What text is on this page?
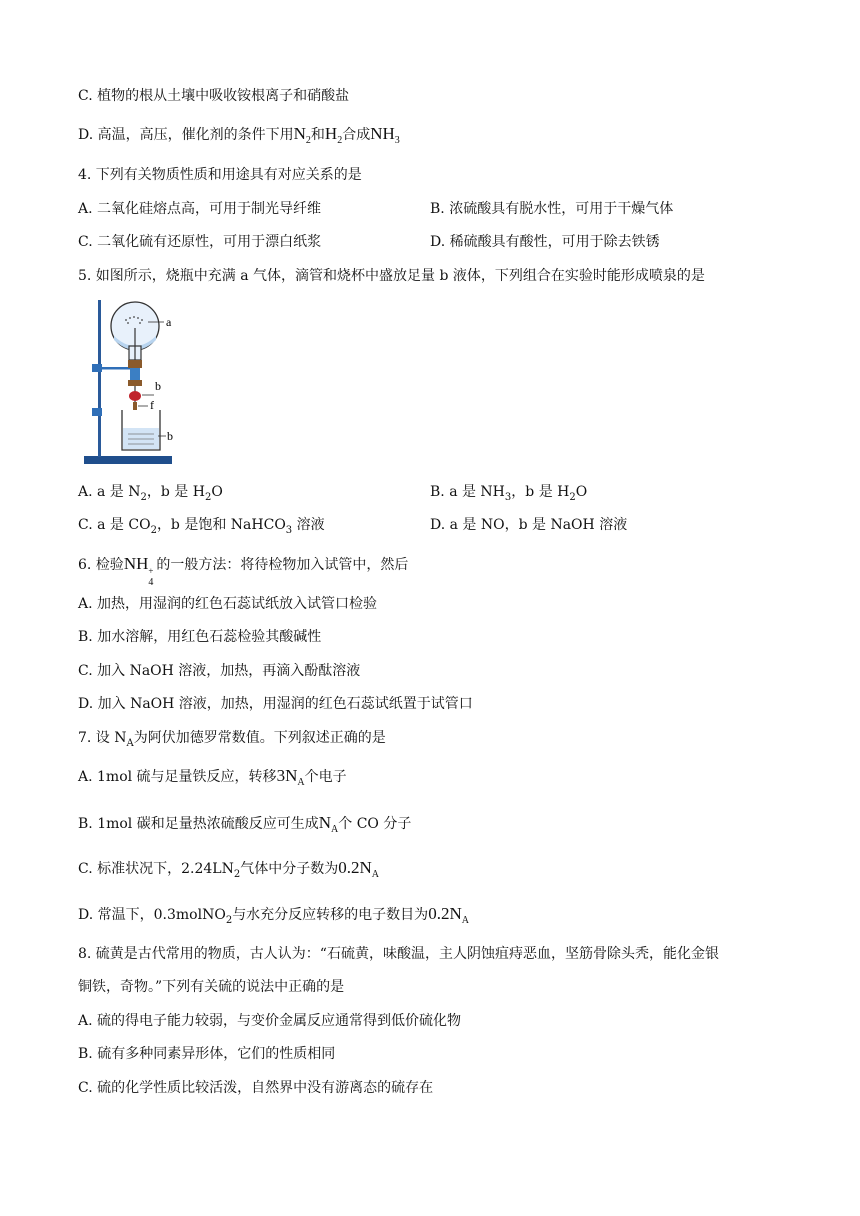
C. 植物的根从土壤中吸收铵根离子和硝酸盐
D. 高温，高压，催化剂的条件下用$N_2$和$H_2$合成$NH_3$
4. 下列有关物质性质和用途具有对应关系的是
A. 二氧化硅熔点高，可用于制光导纤维	B. 浓硫酸具有脱水性，可用于干燥气体
C. 二氧化硫有还原性，可用于漂白纸浆	D. 稀硫酸具有酸性，可用于除去铁锈
5. 如图所示，烧瓶中充满 a 气体，滴管和烧杯中盛放足量 b 液体，下列组合在实验时能形成喷泉的是
a
b
f
b
A. a 是 $N_2$，b 是 $H_2O$	B. a 是 $NH_3$，b 是 $H_2O$
C. a 是 $CO_2$，b 是饱和 NaHCO$_3$ 溶液	D. a 是 NO，b 是 NaOH 溶液
6. 检验NH +
4
的一般方法：将待检物加入试管中，然后
A. 加热，用湿润的红色石蕊试纸放入试管口检验
B. 加水溶解，用红色石蕊检验其酸碱性
C. 加入 NaOH 溶液，加热，再滴入酚酞溶液
D. 加入 NaOH 溶液，加热，用湿润的红色石蕊试纸置于试管口
7. 设 $N_A$为阿伏加德罗常数值。下列叙述正确的是
A. 1mol 硫与足量铁反应，转移$3N_A$个电子
B. 1mol 碳和足量热浓硫酸反应可生成$N_A$个 CO 分子
C. 标准状况下，$2.24LN_2$气体中分子数为$0.2N_A$
D. 常温下，0.3molNO$_2$与水充分反应转移的电子数目为$0.2N_A$
8. 硫黄是古代常用的物质，古人认为：“石硫黄，味酸温，主人阴蚀疽痔恶血，坚筋骨除头秃，能化金银
铜铁，奇物。”下列有关硫的说法中正确的是
A. 硫的得电子能力较弱，与变价金属反应通常得到低价硫化物
B. 硫有多种同素异形体，它们的性质相同
C. 硫的化学性质比较活泼，自然界中没有游离态的硫存在
